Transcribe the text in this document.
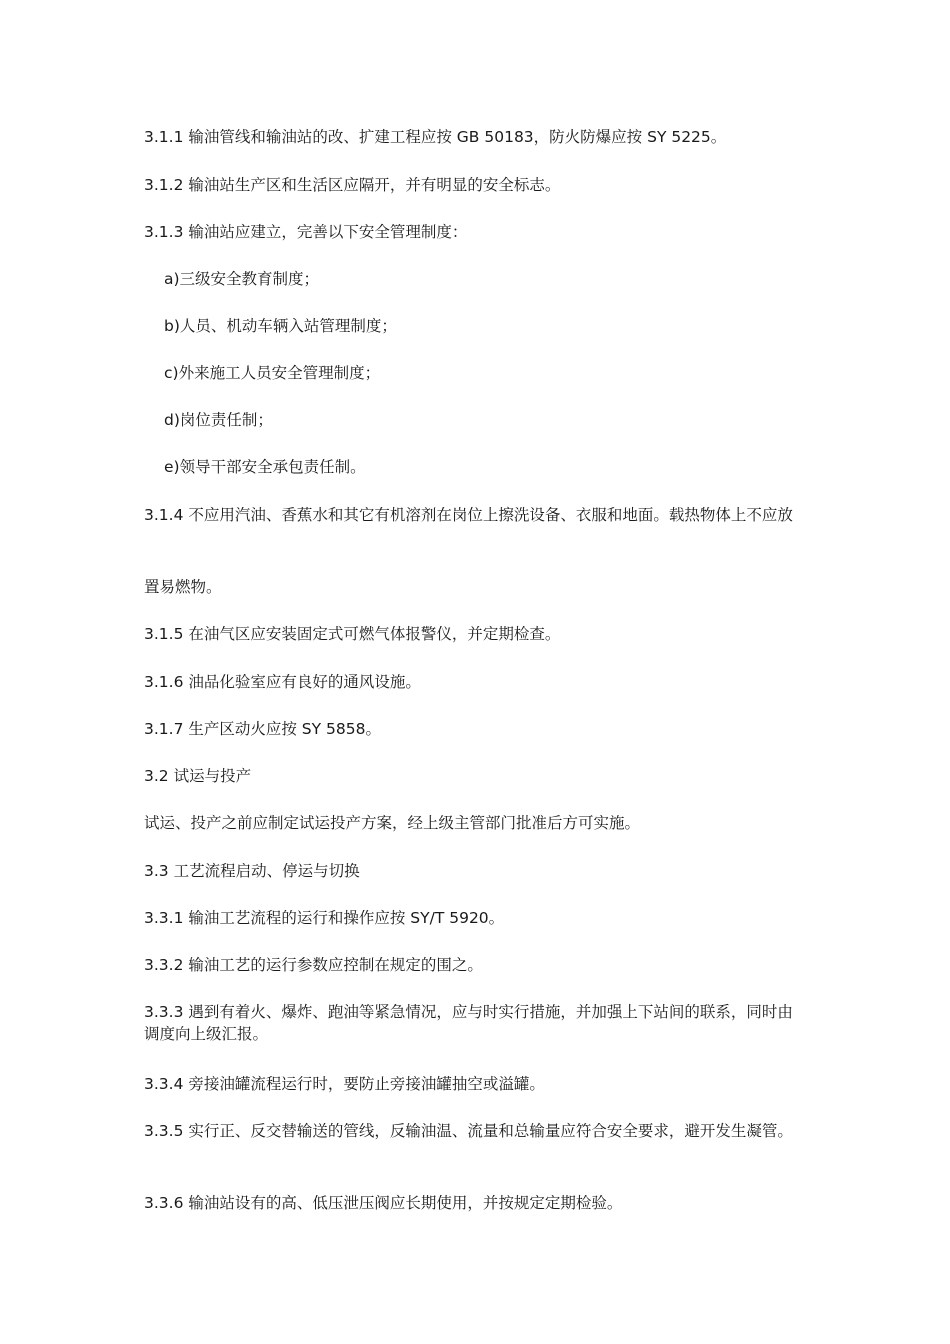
3.1.1 输油管线和输油站的改、扩建工程应按 GB 50183，防火防爆应按 SY 5225。
3.1.2 输油站生产区和生活区应隔开，并有明显的安全标志。
3.1.3 输油站应建立，完善以下安全管理制度：
a)三级安全教育制度；
b)人员、机动车辆入站管理制度；
c)外来施工人员安全管理制度；
d)岗位责任制；
e)领导干部安全承包责任制。
3.1.4 不应用汽油、香蕉水和其它有机溶剂在岗位上擦洗设备、衣服和地面。载热物体上不应放
置易燃物。
3.1.5 在油气区应安装固定式可燃气体报警仪，并定期检查。
3.1.6 油品化验室应有良好的通风设施。
3.1.7 生产区动火应按 SY 5858。
3.2 试运与投产
试运、投产之前应制定试运投产方案，经上级主管部门批准后方可实施。
3.3 工艺流程启动、停运与切换
3.3.1 输油工艺流程的运行和操作应按 SY/T 5920。
3.3.2 输油工艺的运行参数应控制在规定的围之。
3.3.3 遇到有着火、爆炸、跑油等紧急情况，应与时实行措施，并加强上下站间的联系，同时由调度向上级汇报。
3.3.4 旁接油罐流程运行时，要防止旁接油罐抽空或溢罐。
3.3.5 实行正、反交替输送的管线，反输油温、流量和总输量应符合安全要求，避开发生凝管。
3.3.6 输油站设有的高、低压泄压阀应长期使用，并按规定定期检验。
